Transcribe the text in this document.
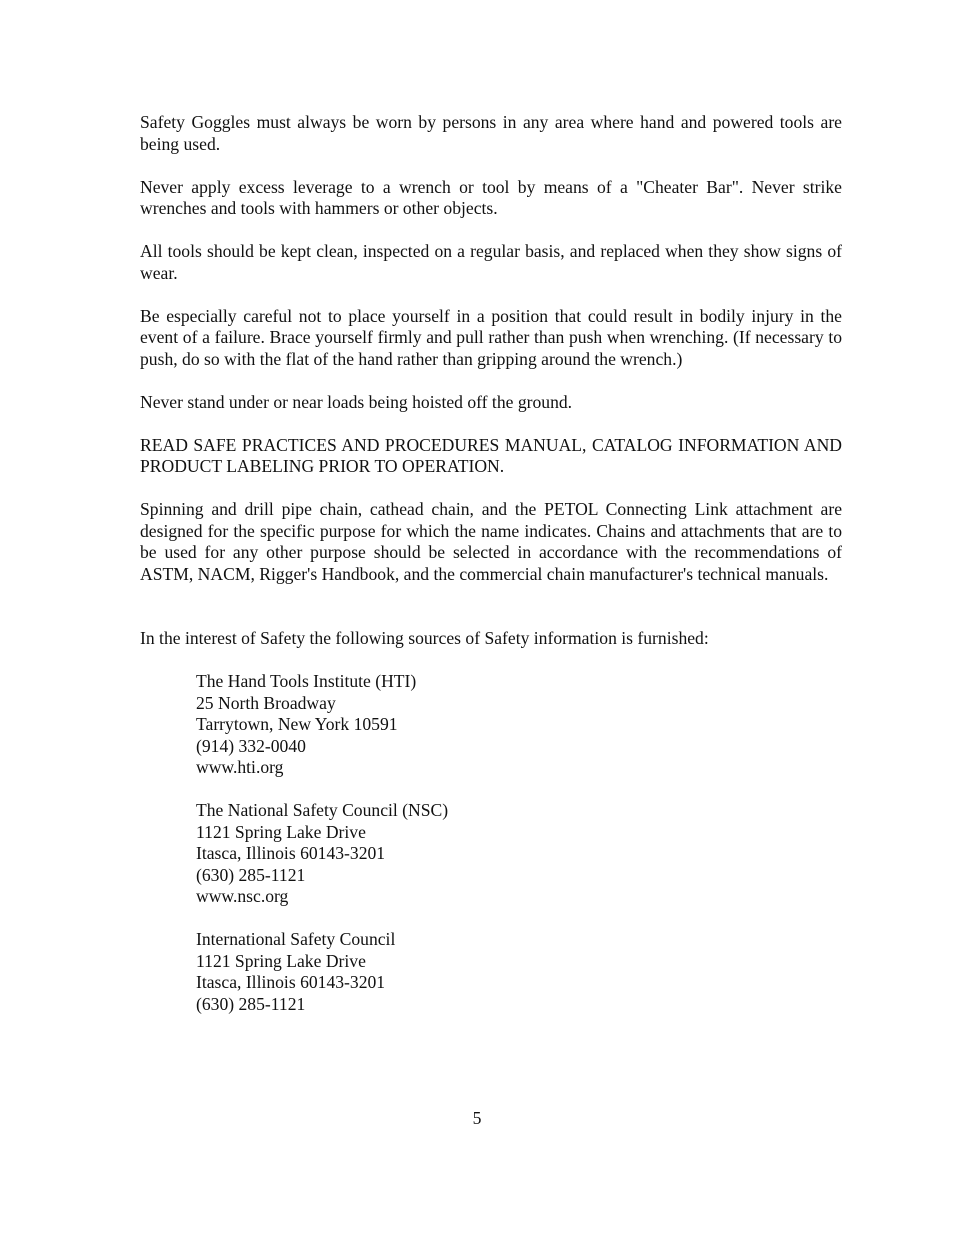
Safety Goggles must always be worn by persons in any area where hand and powered tools are being used.

Never apply excess leverage to a wrench or tool by means of a "Cheater Bar". Never strike wrenches and tools with hammers or other objects.

All tools should be kept clean, inspected on a regular basis, and replaced when they show signs of wear.

Be especially careful not to place yourself in a position that could result in bodily injury in the event of a failure. Brace yourself firmly and pull rather than push when wrenching. (If necessary to push, do so with the flat of the hand rather than gripping around the wrench.)

Never stand under or near loads being hoisted off the ground.

READ SAFE PRACTICES AND PROCEDURES MANUAL, CATALOG INFORMATION AND PRODUCT LABELING PRIOR TO OPERATION.

Spinning and drill pipe chain, cathead chain, and the PETOL Connecting Link attachment are designed for the specific purpose for which the name indicates. Chains and attachments that are to be used for any other purpose should be selected in accordance with the recommendations of ASTM, NACM, Rigger's Handbook, and the commercial chain manufacturer's technical manuals.

In the interest of Safety the following sources of Safety information is furnished:

The Hand Tools Institute (HTI)
25 North Broadway
Tarrytown, New York 10591
(914) 332-0040
www.hti.org
The National Safety Council (NSC)
1121 Spring Lake Drive
Itasca, Illinois 60143-3201
(630) 285-1121
www.nsc.org
International Safety Council
1121 Spring Lake Drive
Itasca, Illinois 60143-3201
(630) 285-1121
5
